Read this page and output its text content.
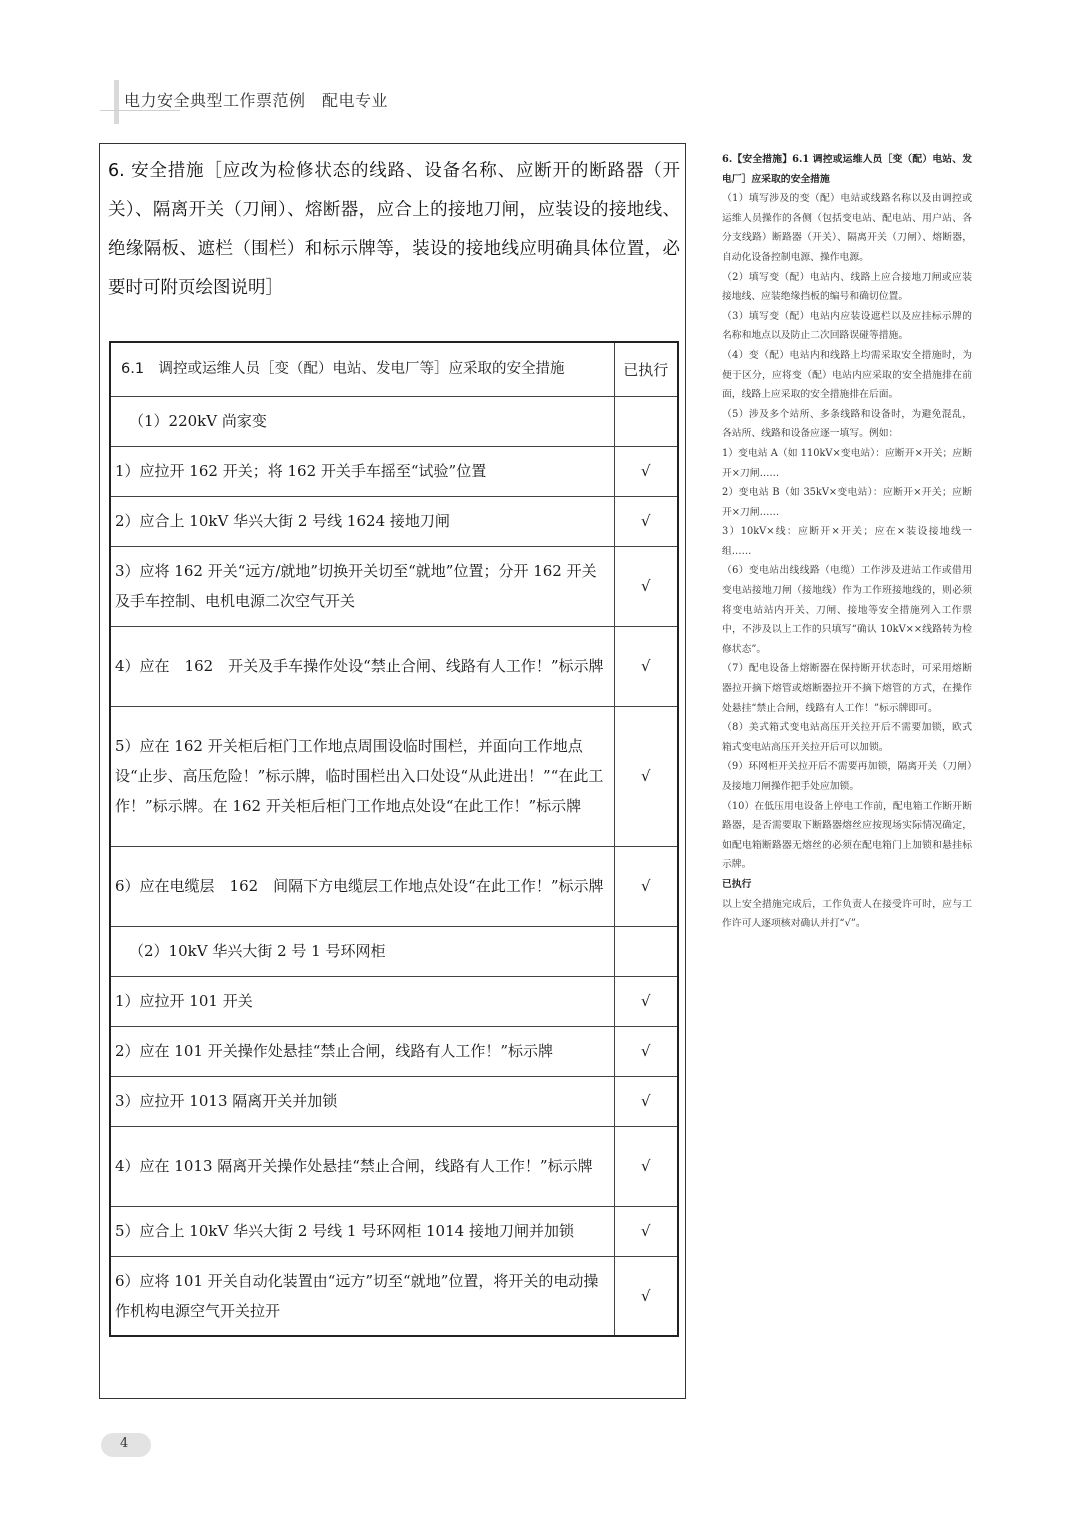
电力安全典型工作票范例　配电专业
6. 安全措施［应改为检修状态的线路、设备名称、应断开的断路器（开关）、隔离开关（刀闸）、熔断器，应合上的接地刀闸，应装设的接地线、绝缘隔板、遮栏（围栏）和标示牌等，装设的接地线应明确具体位置，必要时可附页绘图说明］
6.1　调控或运维人员［变（配）电站、发电厂等］应采取的安全措施	已执行
（1）220kV 尚家变	
1）应拉开 162 开关；将 162 开关手车摇至“试验”位置	√
2）应合上 10kV 华兴大街 2 号线 1624 接地刀闸	√
3）应将 162 开关“远方/就地”切换开关切至“就地”位置；分开 162 开关及手车控制、电机电源二次空气开关	√
4）应在　162　开关及手车操作处设“禁止合闸、线路有人工作！”标示牌	√
5）应在 162 开关柜后柜门工作地点周围设临时围栏，并面向工作地点设“止步、高压危险！”标示牌，临时围栏出入口处设“从此进出！”“在此工作！”标示牌。在 162 开关柜后柜门工作地点处设“在此工作！”标示牌	√
6）应在电缆层　162　间隔下方电缆层工作地点处设“在此工作！”标示牌	√
（2）10kV 华兴大街 2 号 1 号环网柜	
1）应拉开 101 开关	√
2）应在 101 开关操作处悬挂“禁止合闸，线路有人工作！”标示牌	√
3）应拉开 1013 隔离开关并加锁	√
4）应在 1013 隔离开关操作处悬挂“禁止合闸，线路有人工作！”标示牌	√
5）应合上 10kV 华兴大街 2 号线 1 号环网柜 1014 接地刀闸并加锁	√
6）应将 101 开关自动化装置由“远方”切至“就地”位置，将开关的电动操作机构电源空气开关拉开	√

6.【安全措施】6.1 调控或运维人员［变（配）电站、发电厂］应采取的安全措施

（1）填写涉及的变（配）电站或线路名称以及由调控或运维人员操作的各侧（包括变电站、配电站、用户站、各分支线路）断路器（开关）、隔离开关（刀闸）、熔断器，自动化设备控制电源、操作电源。

（2）填写变（配）电站内、线路上应合接地刀闸或应装接地线、应装绝缘挡板的编号和确切位置。

（3）填写变（配）电站内应装设遮栏以及应挂标示牌的名称和地点以及防止二次回路误碰等措施。

（4）变（配）电站内和线路上均需采取安全措施时，为便于区分，应将变（配）电站内应采取的安全措施排在前面，线路上应采取的安全措施排在后面。

（5）涉及多个站所、多条线路和设备时，为避免混乱，各站所、线路和设备应逐一填写。例如：

1）变电站 A（如 110kV×变电站）：应断开×开关；应断开×刀闸……

2）变电站 B（如 35kV×变电站）：应断开×开关；应断开×刀闸……

3）10kV×线：应断开×开关；应在×装设接地线一组……

（6）变电站出线线路（电缆）工作涉及进站工作或借用变电站接地刀闸（接地线）作为工作班接地线的，则必须将变电站站内开关、刀闸、接地等安全措施列入工作票中，不涉及以上工作的只填写“确认 10kV××线路转为检修状态”。

（7）配电设备上熔断器在保持断开状态时，可采用熔断器拉开摘下熔管或熔断器拉开不摘下熔管的方式，在操作处悬挂“禁止合闸，线路有人工作！”标示牌即可。

（8）美式箱式变电站高压开关拉开后不需要加锁，欧式箱式变电站高压开关拉开后可以加锁。

（9）环网柜开关拉开后不需要再加锁，隔离开关（刀闸）及接地刀闸操作把手处应加锁。

（10）在低压用电设备上停电工作前，配电箱工作断开断路器，是否需要取下断路器熔丝应按现场实际情况确定，如配电箱断路器无熔丝的必须在配电箱门上加锁和悬挂标示牌。

已执行

以上安全措施完成后，工作负责人在接受许可时，应与工作许可人逐项核对确认并打“√”。

4
